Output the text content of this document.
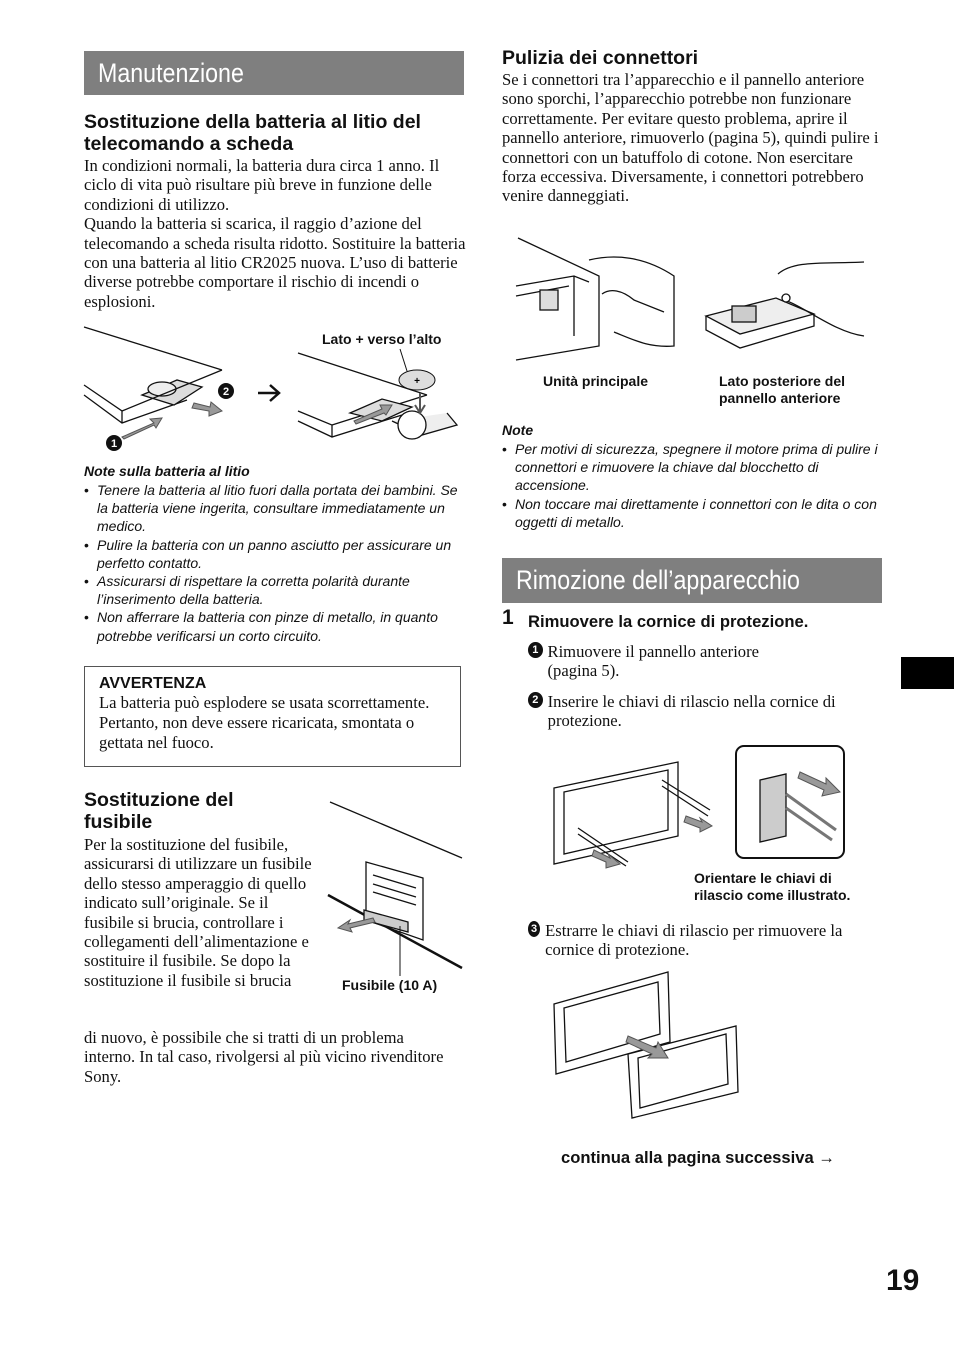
Manutenzione
Sostituzione della batteria al litio del telecomando a scheda
In condizioni normali, la batteria dura circa 1 anno. Il ciclo di vita può risultare più breve in funzione delle condizioni di utilizzo.
Quando la batteria si scarica, il raggio d’azione del telecomando a scheda risulta ridotto. Sostituire la batteria con una batteria al litio CR2025 nuova. L’uso di batterie diverse potrebbe comportare il rischio di incendi o esplosioni.
1
2
+
Lato + verso l’alto
Note sulla batteria al litio
• Tenere la batteria al litio fuori dalla portata dei bambini. Se la batteria viene ingerita, consultare immediatamente un medico.
• Pulire la batteria con un panno asciutto per assicurare un perfetto contatto.
• Assicurarsi di rispettare la corretta polarità durante l’inserimento della batteria.
• Non afferrare la batteria con pinze di metallo, in quanto potrebbe verificarsi un corto circuito.
AVVERTENZA
La batteria può esplodere se usata scorrettamente. Pertanto, non deve essere ricaricata, smontata o gettata nel fuoco.
Sostituzione del fusibile
Per la sostituzione del fusibile, assicurarsi di utilizzare un fusibile dello stesso amperaggio di quello indicato sull’originale. Se il fusibile si brucia, controllare i collegamenti dell’alimentazione e sostituire il fusibile. Se dopo la sostituzione il fusibile si brucia
di nuovo, è possibile che si tratti di un problema interno. In tal caso, rivolgersi al più vicino rivenditore Sony.
Fusibile (10 A)
Pulizia dei connettori
Se i connettori tra l’apparecchio e il pannello anteriore sono sporchi, l’apparecchio potrebbe non funzionare correttamente. Per evitare questo problema, aprire il pannello anteriore, rimuoverlo (pagina 5), quindi pulire i connettori con un batuffolo di cotone. Non esercitare forza eccessiva. Diversamente, i connettori potrebbero venire danneggiati.
Unità principale	Lato posteriore del pannello anteriore
Note
• Per motivi di sicurezza, spegnere il motore prima di pulire i connettori e rimuovere la chiave dal blocchetto di accensione.
• Non toccare mai direttamente i connettori con le dita o con oggetti di metallo.
Rimozione dell’apparecchio
1 Rimuovere la cornice di protezione.
1 Rimuovere il pannello anteriore (pagina 5).
2 Inserire le chiavi di rilascio nella cornice di protezione.
Orientare le chiavi di rilascio come illustrato.
3 Estrarre le chiavi di rilascio per rimuovere la cornice di protezione.
continua alla pagina successiva →
19
